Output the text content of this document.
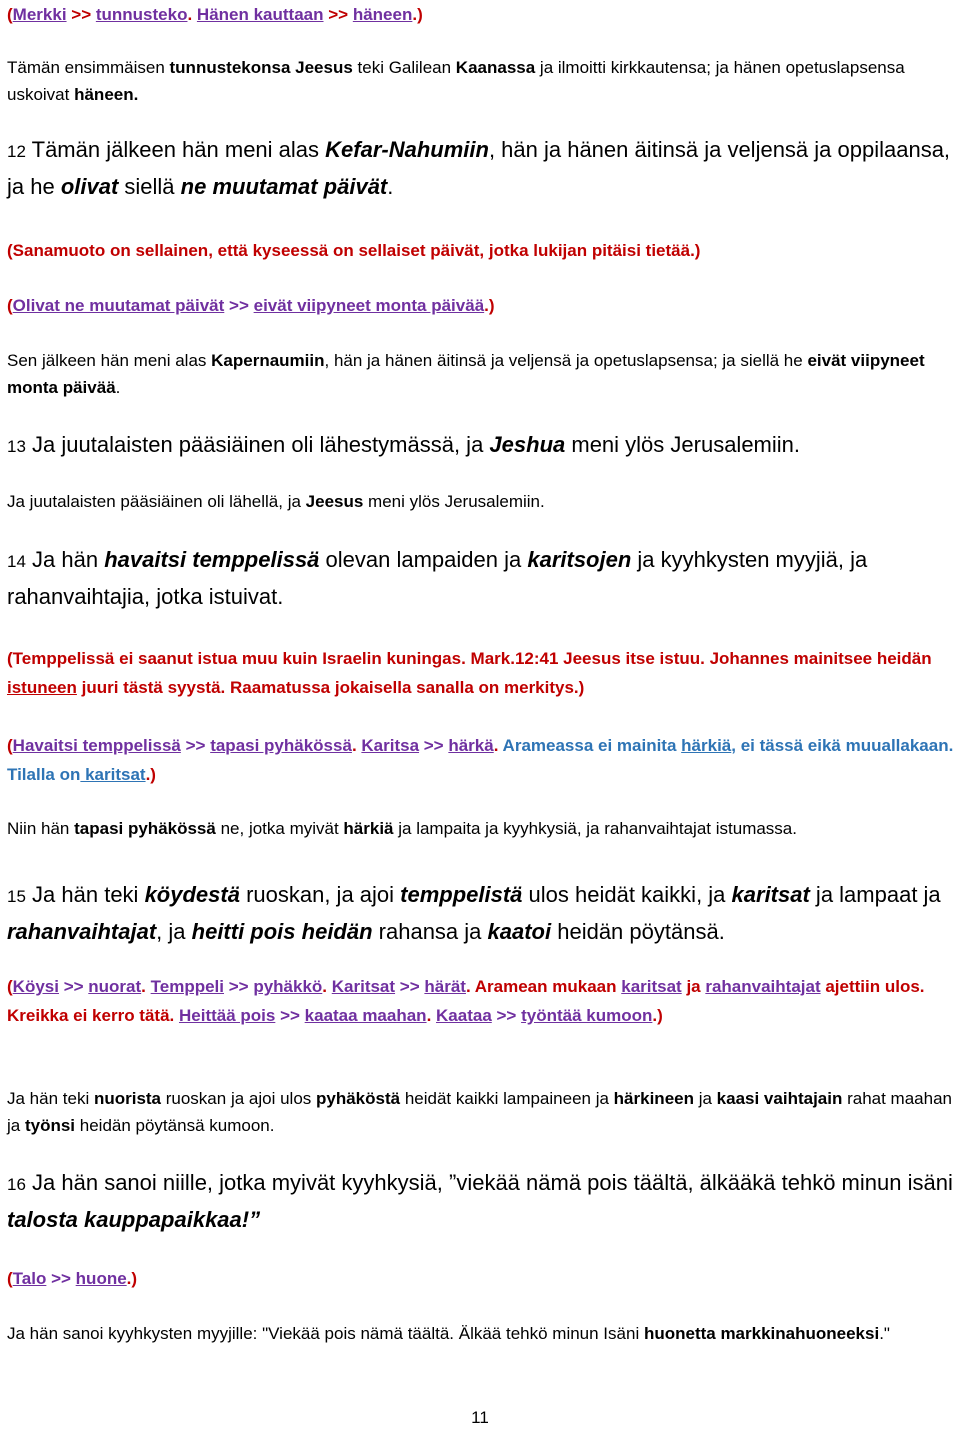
(Merkki >> tunnusteko. Hänen kauttaan >> häneen.)

Tämän ensimmäisen tunnustekonsa Jeesus teki Galilean Kaanassa ja ilmoitti kirkkautensa; ja hänen opetuslapsensa uskoivat häneen.

12 Tämän jälkeen hän meni alas Kefar-Nahumiin, hän ja hänen äitinsä ja veljensä ja oppilaansa, ja he olivat siellä ne muutamat päivät.

(Sanamuoto on sellainen, että kyseessä on sellaiset päivät, jotka lukijan pitäisi tietää.)

(Olivat ne muutamat päivät >> eivät viipyneet monta päivää.)

Sen jälkeen hän meni alas Kapernaumiin, hän ja hänen äitinsä ja veljensä ja opetuslapsensa; ja siellä he eivät viipyneet monta päivää.

13 Ja juutalaisten pääsiäinen oli lähestymässä, ja Jeshua meni ylös Jerusalemiin.

Ja juutalaisten pääsiäinen oli lähellä, ja Jeesus meni ylös Jerusalemiin.

14 Ja hän havaitsi temppelissä olevan lampaiden ja karitsojen ja kyyhkysten myyjiä, ja rahanvaihtajia, jotka istuivat.

(Temppelissä ei saanut istua muu kuin Israelin kuningas. Mark.12:41 Jeesus itse istuu. Johannes mainitsee heidän istuneen juuri tästä syystä. Raamatussa jokaisella sanalla on merkitys.)

(Havaitsi temppelissä >> tapasi pyhäkössä. Karitsa >> härkä. Arameassa ei mainita härkiä, ei tässä eikä muuallakaan. Tilalla on karitsat.)

Niin hän tapasi pyhäkössä ne, jotka myivät härkiä ja lampaita ja kyyhkysiä, ja rahanvaihtajat istumassa.

15 Ja hän teki köydestä ruoskan, ja ajoi temppelistä ulos heidät kaikki, ja karitsat ja lampaat ja rahanvaihtajat, ja heitti pois heidän rahansa ja kaatoi heidän pöytänsä.

(Köysi >> nuorat. Temppeli >> pyhäkkö. Karitsat >> härät. Aramean mukaan karitsat ja rahanvaihtajat ajettiin ulos. Kreikka ei kerro tätä. Heittää pois >> kaataa maahan. Kaataa >> työntää kumoon.)

Ja hän teki nuorista ruoskan ja ajoi ulos pyhäköstä heidät kaikki lampaineen ja härkineen ja kaasi vaihtajain rahat maahan ja työnsi heidän pöytänsä kumoon.

16 Ja hän sanoi niille, jotka myivät kyyhkysiä, ”viekää nämä pois täältä, älkääkä tehkö minun isäni talosta kauppapaikkaa!”

(Talo >> huone.)

Ja hän sanoi kyyhkysten myyjille: "Viekää pois nämä täältä. Älkää tehkö minun Isäni huonetta markkinahuoneeksi."

11
